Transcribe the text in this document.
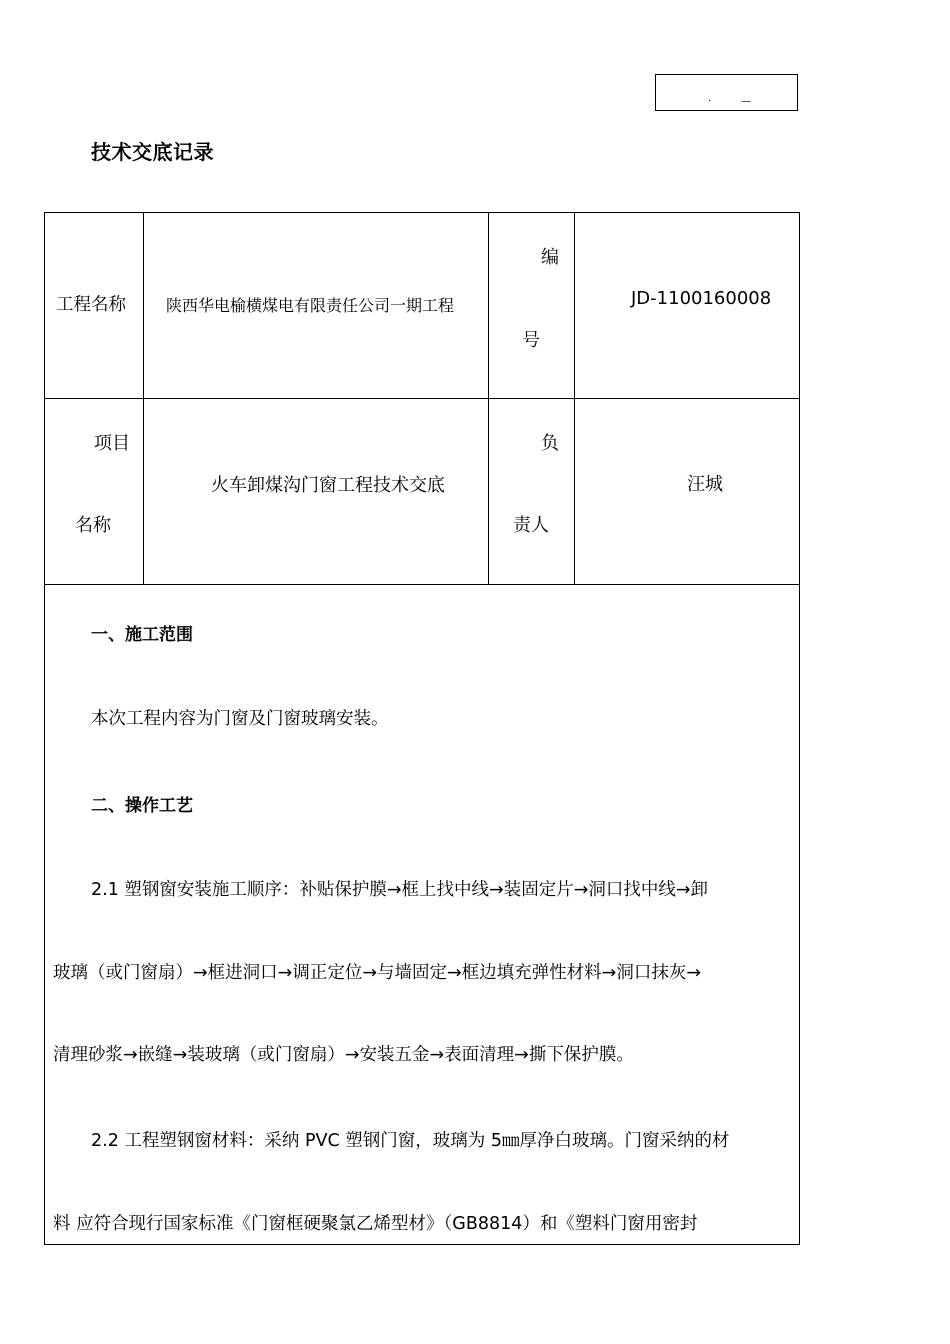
·	—
技术交底记录
工程名称	陕西华电榆横煤电有限责任公司一期工程
编
号
JD-1100160008
项目
名称
火车卸煤沟门窗工程技术交底
负
责人
汪城
一、施工范围
本次工程内容为门窗及门窗玻璃安装。
二、操作工艺
2.1 塑钢窗安装施工顺序：补贴保护膜→框上找中线→装固定片→洞口找中线→卸
玻璃（或门窗扇）→框进洞口→调正定位→与墙固定→框边填充弹性材料→洞口抹灰→
清理砂浆→嵌缝→装玻璃（或门窗扇）→安装五金→表面清理→撕下保护膜。
2.2 工程塑钢窗材料：采纳 PVC 塑钢门窗，玻璃为 5㎜厚净白玻璃。门窗采纳的材
料 应符合现行国家标准《门窗框硬聚氯乙烯型材》（GB8814）和《塑料门窗用密封
